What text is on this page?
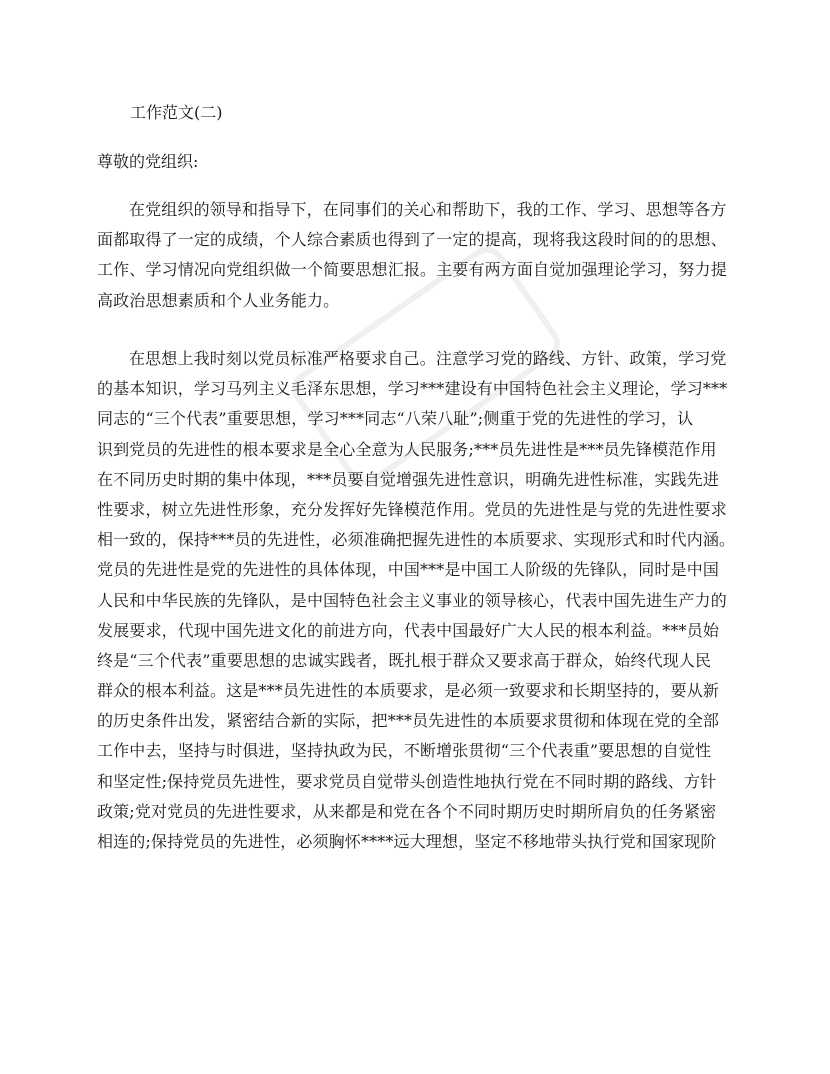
工作范文(二)
尊敬的党组织:
在党组织的领导和指导下，在同事们的关心和帮助下，我的工作、学习、思想等各方
面都取得了一定的成绩，个人综合素质也得到了一定的提高，现将我这段时间的的思想、
工作、学习情况向党组织做一个简要思想汇报。主要有两方面自觉加强理论学习，努力提
高政治思想素质和个人业务能力。
在思想上我时刻以党员标准严格要求自己。注意学习党的路线、方针、政策，学习党
的基本知识，学习马列主义毛泽东思想，学习***建设有中国特色社会主义理论，学习***
同志的“三个代表”重要思想，学习***同志“八荣八耻”;侧重于党的先进性的学习，认
识到党员的先进性的根本要求是全心全意为人民服务;***员先进性是***员先锋模范作用
在不同历史时期的集中体现，***员要自觉增强先进性意识，明确先进性标准，实践先进
性要求，树立先进性形象，充分发挥好先锋模范作用。党员的先进性是与党的先进性要求
相一致的，保持***员的先进性，必须准确把握先进性的本质要求、实现形式和时代内涵。
党员的先进性是党的先进性的具体体现，中国***是中国工人阶级的先锋队，同时是中国
人民和中华民族的先锋队，是中国特色社会主义事业的领导核心，代表中国先进生产力的
发展要求，代现中国先进文化的前进方向，代表中国最好广大人民的根本利益。***员始
终是“三个代表”重要思想的忠诚实践者，既扎根于群众又要求高于群众，始终代现人民
群众的根本利益。这是***员先进性的本质要求，是必须一致要求和长期坚持的，要从新
的历史条件出发，紧密结合新的实际，把***员先进性的本质要求贯彻和体现在党的全部
工作中去，坚持与时俱进，坚持执政为民，不断增张贯彻“三个代表重”要思想的自觉性
和坚定性;保持党员先进性，要求党员自觉带头创造性地执行党在不同时期的路线、方针
政策;党对党员的先进性要求，从来都是和党在各个不同时期历史时期所肩负的任务紧密
相连的;保持党员的先进性，必须胸怀****远大理想，坚定不移地带头执行党和国家现阶
